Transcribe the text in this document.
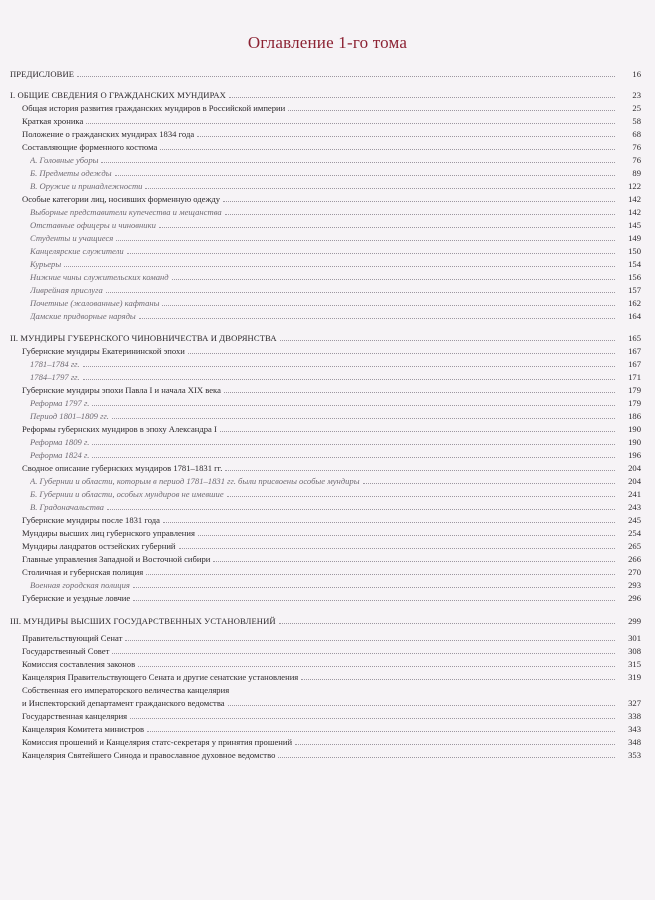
Оглавление 1-го тома
ПРЕДИСЛОВИЕ	16
I. ОБЩИЕ СВЕДЕНИЯ О ГРАЖДАНСКИХ МУНДИРАХ	23
Общая история развития гражданских мундиров в Российской империи	25
Краткая хроника	58
Положение о гражданских мундирах 1834 года	68
Составляющие форменного костюма	76
А. Головные уборы	76
Б. Предметы одежды	89
В. Оружие и принадлежности	122
Особые категории лиц, носивших форменную одежду	142
Выборные представители купечества и мещанства	142
Отставные офицеры и чиновники	145
Студенты и учащиеся	149
Канцелярские служители	150
Курьеры	154
Нижние чины служительских команд	156
Ливрейная прислуга	157
Почетные (жалованные) кафтаны	162
Дамские придворные наряды	164
II. МУНДИРЫ ГУБЕРНСКОГО ЧИНОВНИЧЕСТВА И ДВОРЯНСТВА	165
Губернские мундиры Екатерининской эпохи	167
1781–1784 гг.	167
1784–1797 гг.	171
Губернские мундиры эпохи Павла I и начала XIX века	179
Реформа 1797 г.	179
Период 1801–1809 гг.	186
Реформы губернских мундиров в эпоху Александра I	190
Реформа 1809 г.	190
Реформа 1824 г.	196
Сводное описание губернских мундиров 1781–1831 гг.	204
А. Губернии и области, которым в период 1781–1831 гг. были присвоены особые мундиры	204
Б. Губернии и области, особых мундиров не имевшие	241
В. Градоначальства	243
Губернские мундиры после 1831 года	245
Мундиры высших лиц губернского управления	254
Мундиры ландратов остзейских губерний	265
Главные управления Западной и Восточной сибири	266
Столичная и губернская полиция	270
Военная городская полиция	293
Губернские и уездные ловчие	296
III. МУНДИРЫ ВЫСШИХ ГОСУДАРСТВЕННЫХ УСТАНОВЛЕНИЙ	299
Правительствующий Сенат	301
Государственный Совет	308
Комиссия составления законов	315
Канцелярия Правительствующего Сената и другие сенатские установления	319
Собственная его императорского величества канцелярия
и Инспекторский департамент гражданского ведомства	327
Государственная канцелярия	338
Канцелярия Комитета министров	343
Комиссия прошений и Канцелярия статс-секретаря у принятия прошений	348
Канцелярия Святейшего Синода и православное духовное ведомство	353
